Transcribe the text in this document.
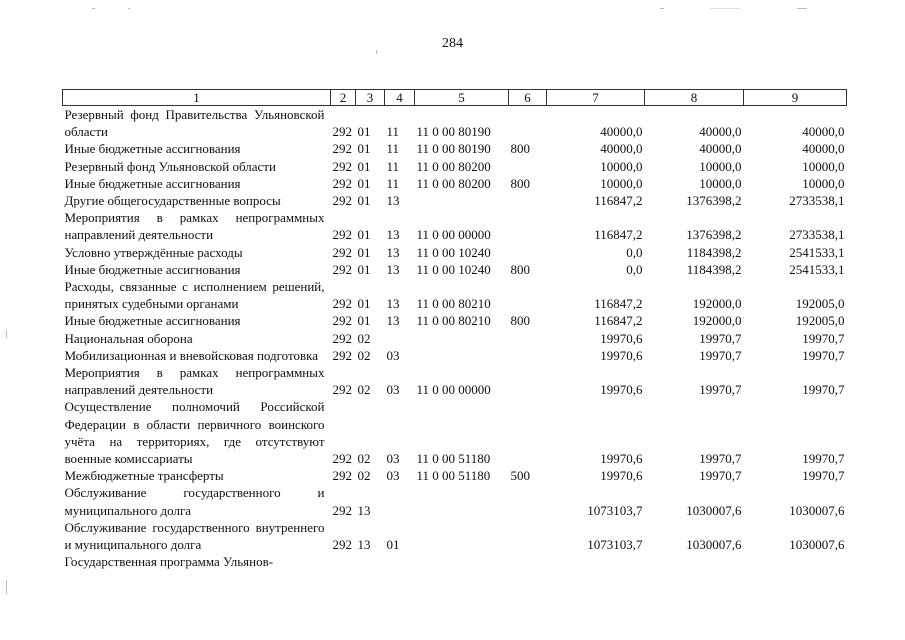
284
1	2	3	4	5	6	7	8	9
Резервный фонд Правительства Ульяновской области	292	01	11	11 0 00 80190		40000,0	40000,0	40000,0
Иные бюджетные ассигнования	292	01	11	11 0 00 80190	800	40000,0	40000,0	40000,0
Резервный фонд Ульяновской области	292	01	11	11 0 00 80200		10000,0	10000,0	10000,0
Иные бюджетные ассигнования	292	01	11	11 0 00 80200	800	10000,0	10000,0	10000,0
Другие общегосударственные вопросы	292	01	13			116847,2	1376398,2	2733538,1
Мероприятия в рамках непрограммных направлений деятельности	292	01	13	11 0 00 00000		116847,2	1376398,2	2733538,1
Условно утверждённые расходы	292	01	13	11 0 00 10240		0,0	1184398,2	2541533,1
Иные бюджетные ассигнования	292	01	13	11 0 00 10240	800	0,0	1184398,2	2541533,1
Расходы, связанные с исполнением решений, принятых судебными органами	292	01	13	11 0 00 80210		116847,2	192000,0	192005,0
Иные бюджетные ассигнования	292	01	13	11 0 00 80210	800	116847,2	192000,0	192005,0
Национальная оборона	292	02				19970,6	19970,7	19970,7
Мобилизационная и вневойсковая подготовка	292	02	03			19970,6	19970,7	19970,7
Мероприятия в рамках непрограммных направлений деятельности	292	02	03	11 0 00 00000		19970,6	19970,7	19970,7
Осуществление полномочий Российской Федерации в области первичного воинского учёта на территориях, где отсутствуют военные комиссариаты	292	02	03	11 0 00 51180		19970,6	19970,7	19970,7
Межбюджетные трансферты	292	02	03	11 0 00 51180	500	19970,6	19970,7	19970,7
Обслуживание государственного и муниципального долга	292	13				1073103,7	1030007,6	1030007,6
Обслуживание государственного внутреннего и муниципального долга	292	13	01			1073103,7	1030007,6	1030007,6
Государственная программа Ульянов-								
